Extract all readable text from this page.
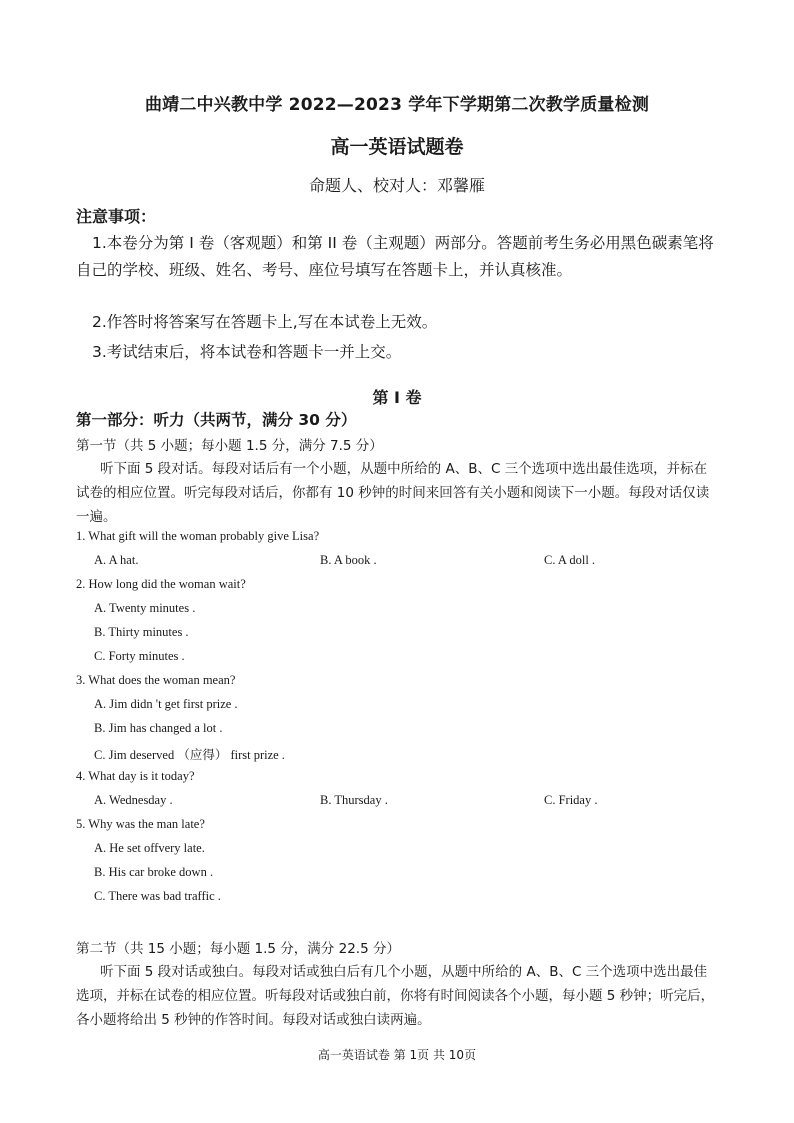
曲靖二中兴教中学 2022—2023 学年下学期第二次教学质量检测
高一英语试题卷
命题人、校对人：邓馨雁
注意事项：
1.本卷分为第 I 卷（客观题）和第 II 卷（主观题）两部分。答题前考生务必用黑色碳素笔将自己的学校、班级、姓名、考号、座位号填写在答题卡上，并认真核准。
2.作答时将答案写在答题卡上,写在本试卷上无效。
3.考试结束后，将本试卷和答题卡一并上交。
第 I 卷
第一部分：听力（共两节，满分 30 分）
第一节（共 5 小题；每小题 1.5 分，满分 7.5 分）
听下面 5 段对话。每段对话后有一个小题，从题中所给的 A、B、C 三个选项中选出最佳选项，并标在试卷的相应位置。听完每段对话后，你都有 10 秒钟的时间来回答有关小题和阅读下一小题。每段对话仅读一遍。
1. What gift will the woman probably give Lisa?
A. A hat.	B. A book .	C. A doll .
2. How long did the woman wait?
A. Twenty minutes .
B. Thirty minutes .
C. Forty minutes .
3. What does the woman mean?
A. Jim didn 't get first prize .
B. Jim has changed a lot .
C. Jim deserved （应得） first prize .
4. What day is it today?
A. Wednesday .	B. Thursday .	C. Friday .
5. Why was the man late?
A. He set offvery late.
B. His car broke down .
C. There was bad traffic .
第二节（共 15 小题；每小题 1.5 分，满分 22.5 分）
听下面 5 段对话或独白。每段对话或独白后有几个小题，从题中所给的 A、B、C 三个选项中选出最佳选项，并标在试卷的相应位置。听每段对话或独白前，你将有时间阅读各个小题，每小题 5 秒钟；听完后，各小题将给出 5 秒钟的作答时间。每段对话或独白读两遍。
高一英语试卷 第 1页 共 10页
